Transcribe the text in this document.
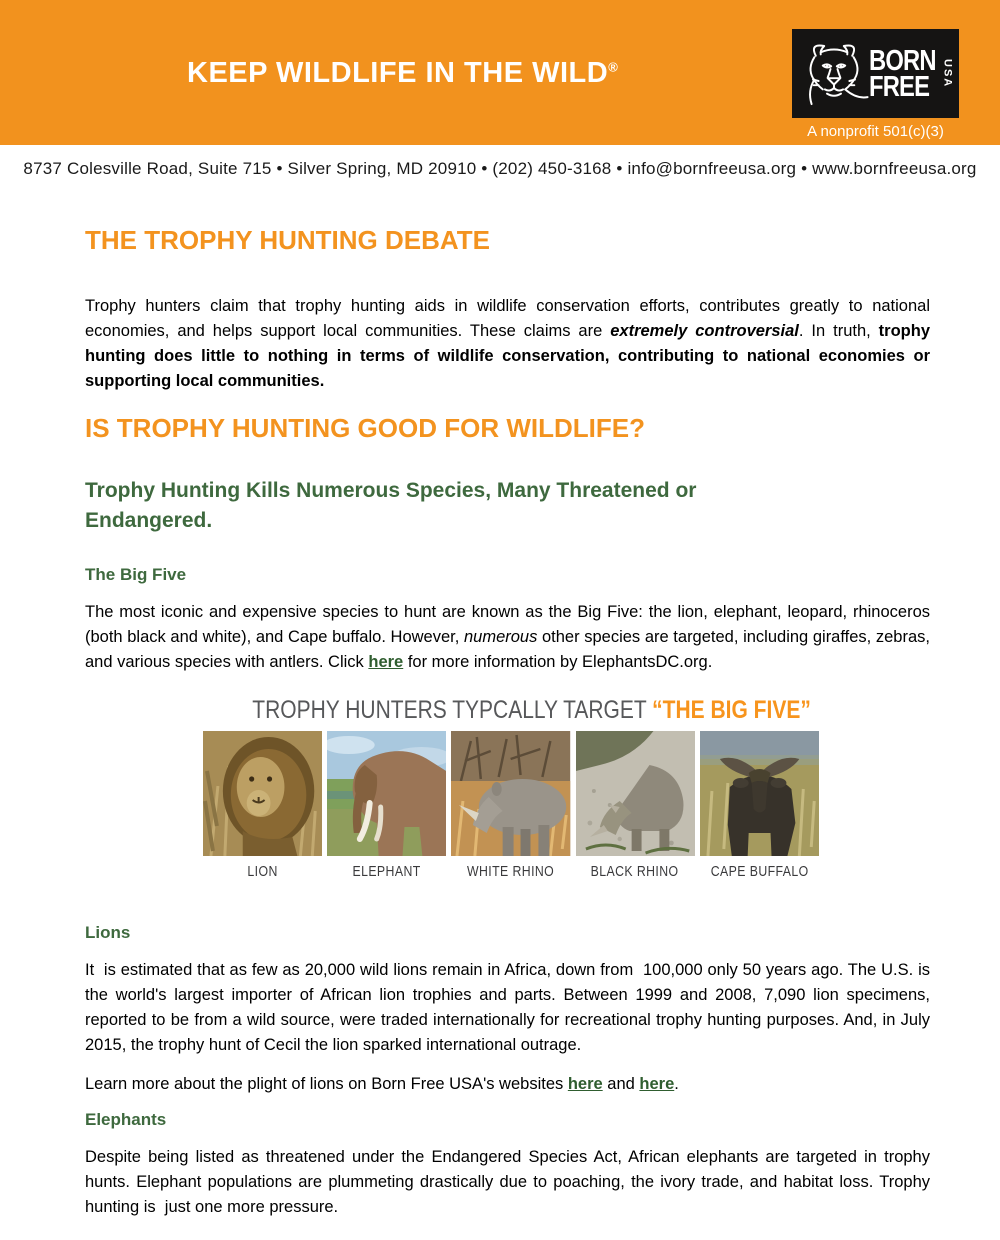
KEEP WILDLIFE IN THE WILD®	BORN
FREE	USA
A nonprofit 501(c)(3)
8737 Colesville Road, Suite 715 • Silver Spring, MD 20910 • (202) 450-3168 • info@bornfreeusa.org • www.bornfreeusa.org
THE TROPHY HUNTING DEBATE

Trophy hunters claim that trophy hunting aids in wildlife conservation efforts, contributes greatly to national economies, and helps support local communities. These claims are extremely controversial. In truth, trophy hunting does little to nothing in terms of wildlife conservation, contributing to national economies or supporting local communities.

IS TROPHY HUNTING GOOD FOR WILDLIFE?
Trophy Hunting Kills Numerous Species, Many Threatened or Endangered.
The Big Five

The most iconic and expensive species to hunt are known as the Big Five: the lion, elephant, leopard, rhinoceros (both black and white), and Cape buffalo. However, numerous other species are targeted, including giraffes, zebras, and various species with antlers. Click here for more information by ElephantsDC.org.

TROPHY HUNTERS TYPCALLY TARGET “THE BIG FIVE”
LION	ELEPHANT	WHITE RHINO	BLACK RHINO	CAPE BUFFALO
Lions

It  is estimated that as few as 20,000 wild lions remain in Africa, down from  100,000 only 50 years ago. The U.S. is the world's largest importer of African lion trophies and parts. Between 1999 and 2008, 7,090 lion specimens, reported to be from a wild source, were traded internationally for recreational trophy hunting purposes. And, in July 2015, the trophy hunt of Cecil the lion sparked international outrage.

Learn more about the plight of lions on Born Free USA's websites here and here.

Elephants

Despite being listed as threatened under the Endangered Species Act, African elephants are targeted in trophy hunts. Elephant populations are plummeting drastically due to poaching, the ivory trade, and habitat loss. Trophy hunting is  just one more pressure.
